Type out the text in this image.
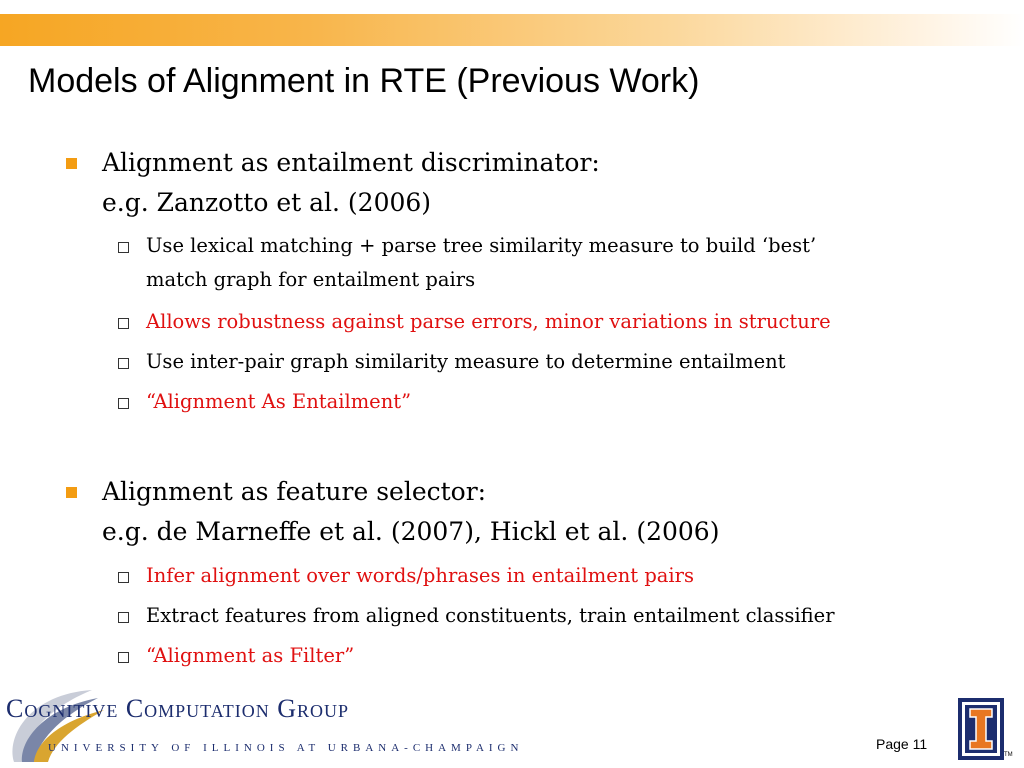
Models of Alignment in RTE (Previous Work)
Alignment as entailment discriminator:
e.g. Zanzotto et al. (2006)
Use lexical matching + parse tree similarity measure to build ‘best’
match graph for entailment pairs
Allows robustness against parse errors, minor variations in structure
Use inter-pair graph similarity measure to determine entailment
“Alignment As Entailment”
Alignment as feature selector:
e.g. de Marneffe et al. (2007), Hickl et al. (2006)
Infer alignment over words/phrases in entailment pairs
Extract features from aligned constituents, train entailment classifier
“Alignment as Filter”
Cognitive Computation Group
UNIVERSITY OF ILLINOIS AT URBANA-CHAMPAIGN	Page 11
TM
